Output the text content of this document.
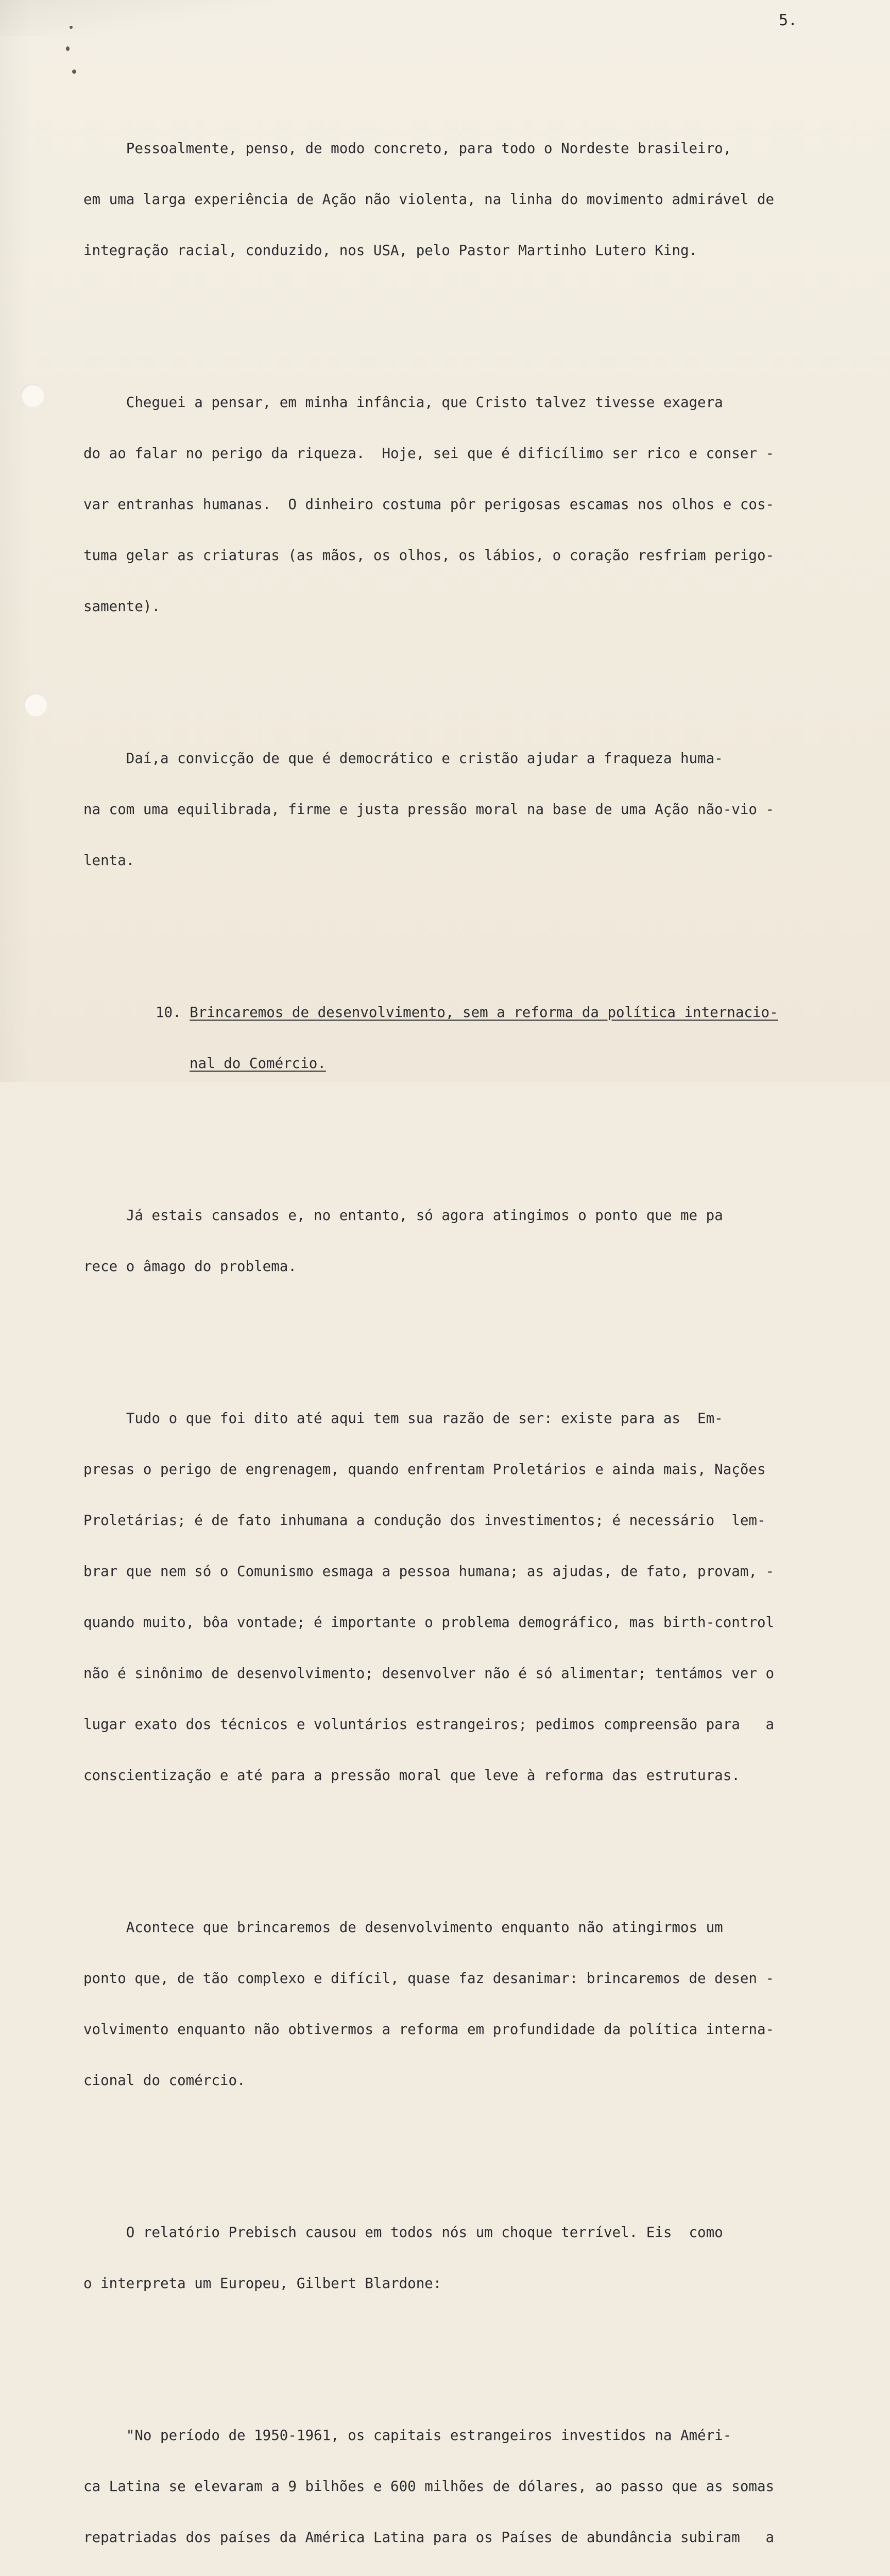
5.

Pessoalmente, penso, de modo concreto, para todo o Nordeste brasileiro,

em uma larga experiência de Ação não violenta, na linha do movimento admirável de

integração racial, conduzido, nos USA, pelo Pastor Martinho Lutero King.

Cheguei a pensar, em minha infância, que Cristo talvez tivesse exagera

do ao falar no perigo da riqueza.  Hoje, sei que é dificílimo ser rico e conser -

var entranhas humanas.  O dinheiro costuma pôr perigosas escamas nos olhos e cos-

tuma gelar as criaturas (as mãos, os olhos, os lábios, o coração resfriam perigo-

samente).

Daí,a convicção de que é democrático e cristão ajudar a fraqueza huma-

na com uma equilibrada, firme e justa pressão moral na base de uma Ação não-vio -

lenta.

10. Brincaremos de desenvolvimento, sem a reforma da política internacio-

nal do Comércio.

Já estais cansados e, no entanto, só agora atingimos o ponto que me pa

rece o âmago do problema.

Tudo o que foi dito até aqui tem sua razão de ser: existe para as  Em-

presas o perigo de engrenagem, quando enfrentam Proletários e ainda mais, Nações

Proletárias; é de fato inhumana a condução dos investimentos; é necessário  lem-

brar que nem só o Comunismo esmaga a pessoa humana; as ajudas, de fato, provam, -

quando muito, bôa vontade; é importante o problema demográfico, mas birth-control

não é sinônimo de desenvolvimento; desenvolver não é só alimentar; tentámos ver o

lugar exato dos técnicos e voluntários estrangeiros; pedimos compreensão para   a

conscientização e até para a pressão moral que leve à reforma das estruturas.

Acontece que brincaremos de desenvolvimento enquanto não atingirmos um

ponto que, de tão complexo e difícil, quase faz desanimar: brincaremos de desen -

volvimento enquanto não obtivermos a reforma em profundidade da política interna-

cional do comércio.

O relatório Prebisch causou em todos nós um choque terrível. Eis  como

o interpreta um Europeu, Gilbert Blardone:

"No período de 1950-1961, os capitais estrangeiros investidos na Améri-

ca Latina se elevaram a 9 bilhões e 600 milhões de dólares, ao passo que as somas

repatriadas dos países da América Latina para os Países de abundância subiram   a
